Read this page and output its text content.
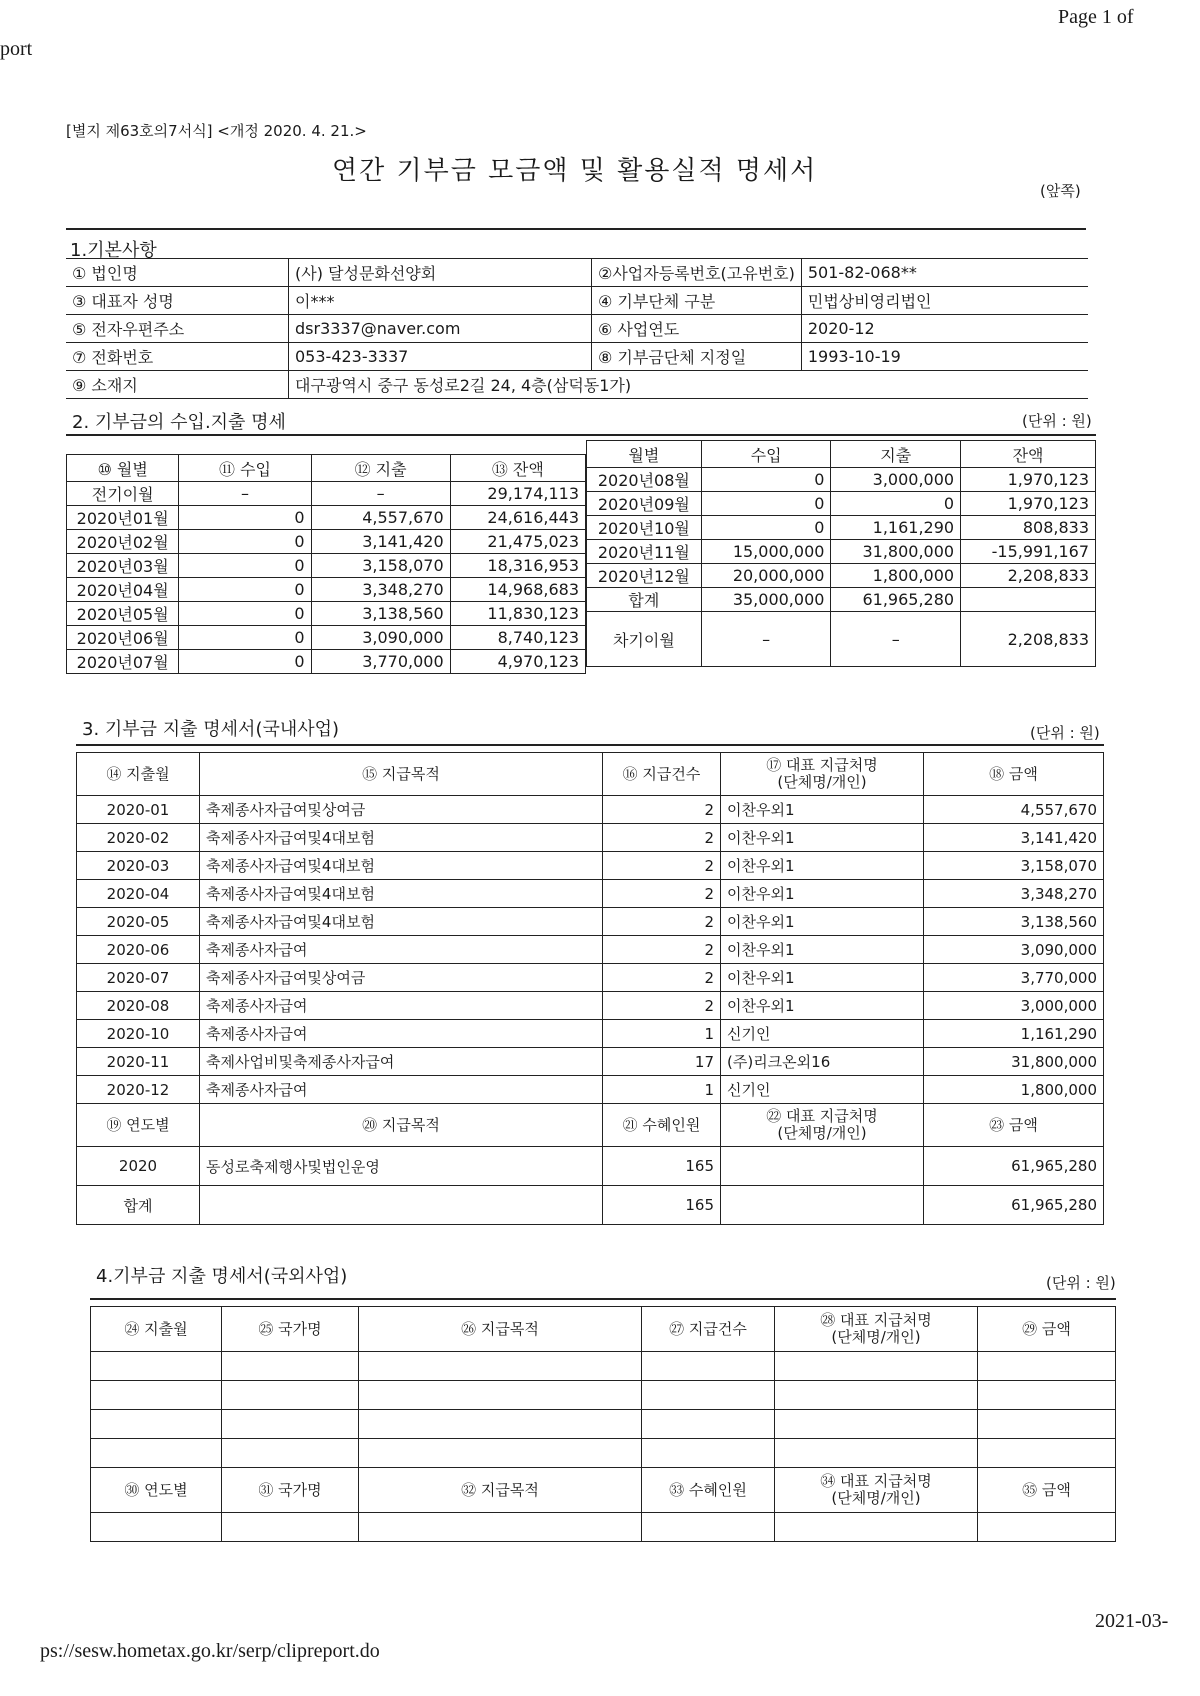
port
Page 1 of
[별지 제63호의7서식] <개정 2020. 4. 21.>
연간 기부금 모금액 및 활용실적 명세서
(앞쪽)
1.기본사항
① 법인명	(사) 달성문화선양회	②사업자등록번호(고유번호)	501-82-068**
③ 대표자 성명	이***	④ 기부단체 구분	민법상비영리법인
⑤ 전자우편주소	dsr3337@naver.com	⑥ 사업연도	2020-12
⑦ 전화번호	053-423-3337	⑧ 기부금단체 지정일	1993-10-19
⑨ 소재지	대구광역시 중구 동성로2길 24, 4층(삼덕동1가)		
2. 기부금의 수입.지출 명세	(단위 : 원)
⑩ 월별	⑪ 수입	⑫ 지출	⑬ 잔액
전기이월	–	–	29,174,113
2020년01월	0	4,557,670	24,616,443
2020년02월	0	3,141,420	21,475,023
2020년03월	0	3,158,070	18,316,953
2020년04월	0	3,348,270	14,968,683
2020년05월	0	3,138,560	11,830,123
2020년06월	0	3,090,000	8,740,123
2020년07월	0	3,770,000	4,970,123
월별	수입	지출	잔액
2020년08월	0	3,000,000	1,970,123
2020년09월	0	0	1,970,123
2020년10월	0	1,161,290	808,833
2020년11월	15,000,000	31,800,000	-15,991,167
2020년12월	20,000,000	1,800,000	2,208,833
합계	35,000,000	61,965,280	
차기이월	–	–	2,208,833
3. 기부금 지출 명세서(국내사업)	(단위 : 원)
⑭ 지출월	⑮ 지급목적	⑯ 지급건수	⑰ 대표 지급처명
(단체명/개인)	⑱ 금액
2020-01	축제종사자급여및상여금	2	이찬우외1	4,557,670
2020-02	축제종사자급여및4대보험	2	이찬우외1	3,141,420
2020-03	축제종사자급여및4대보험	2	이찬우외1	3,158,070
2020-04	축제종사자급여및4대보험	2	이찬우외1	3,348,270
2020-05	축제종사자급여및4대보험	2	이찬우외1	3,138,560
2020-06	축제종사자급여	2	이찬우외1	3,090,000
2020-07	축제종사자급여및상여금	2	이찬우외1	3,770,000
2020-08	축제종사자급여	2	이찬우외1	3,000,000
2020-10	축제종사자급여	1	신기인	1,161,290
2020-11	축제사업비및축제종사자급여	17	(주)리크온외16	31,800,000
2020-12	축제종사자급여	1	신기인	1,800,000
⑲ 연도별	⑳ 지급목적	㉑ 수혜인원	㉒ 대표 지급처명
(단체명/개인)	㉓ 금액
2020	동성로축제행사및법인운영	165		61,965,280
합계		165		61,965,280
4.기부금 지출 명세서(국외사업)	(단위 : 원)
㉔ 지출월	㉕ 국가명	㉖ 지급목적	㉗ 지급건수	㉘ 대표 지급처명
(단체명/개인)	㉙ 금액

㉚ 연도별	㉛ 국가명	㉜ 지급목적	㉝ 수혜인원	㉞ 대표 지급처명
(단체명/개인)	㉟ 금액

ps://sesw.hometax.go.kr/serp/clipreport.do
2021-03-
